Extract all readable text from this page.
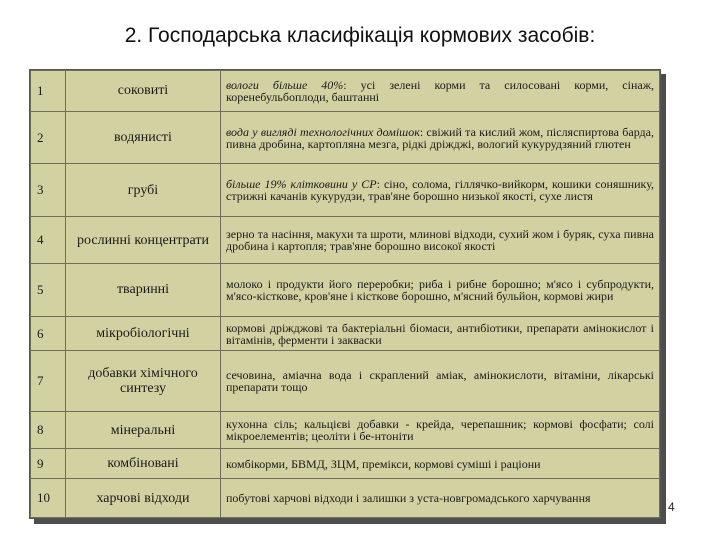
2. Господарська класифікація кормових засобів:
1	соковиті	вологи більше 40%: усі зелені корми та силосовані корми, сінаж, коренебульбоплоди, баштанні
2	водянисті	вода у вигляді технологічних домішок: свіжий та кислий жом, післяспиртова барда, пивна дробина, картопляна мезга, рідкі дріжджі, вологий кукурудзяний глютен
3	грубі	більше 19% клітковини у СР: сіно, солома, гіллячко-вийкорм, кошики соняшнику, стрижні качанів кукурудзи, трав'яне борошно низької якості, сухе листя
4	рослинні концентрати	зерно та насіння, макухи та шроти, млинові відходи, сухий жом і буряк, суха пивна дробина і картопля; трав'яне борошно високої якості
5	тваринні	молоко і продукти його переробки; риба і рибне борошно; м'ясо і субпродукти, м'ясо-кісткове, кров'яне і кісткове борошно, м'ясний бульйон, кормові жири
6	мікробіологічні	кормові дріжджові та бактеріальні біомаси, антибіотики, препарати амінокислот і вітамінів, ферменти і закваски
7	добавки хімічного синтезу	сечовина, аміачна вода і скраплений аміак, амінокислоти, вітаміни, лікарські препарати тощо
8	мінеральні	кухонна сіль; кальцієві добавки - крейда, черепашник; кормові фосфати; солі мікроелементів; цеоліти і бе-нтоніти
9	комбіновані	комбікорми, БВМД, ЗЦМ, премікси, кормові суміші і раціони
10	харчові відходи	побутові харчові відходи і залишки з уста-новгромадського харчування
4
